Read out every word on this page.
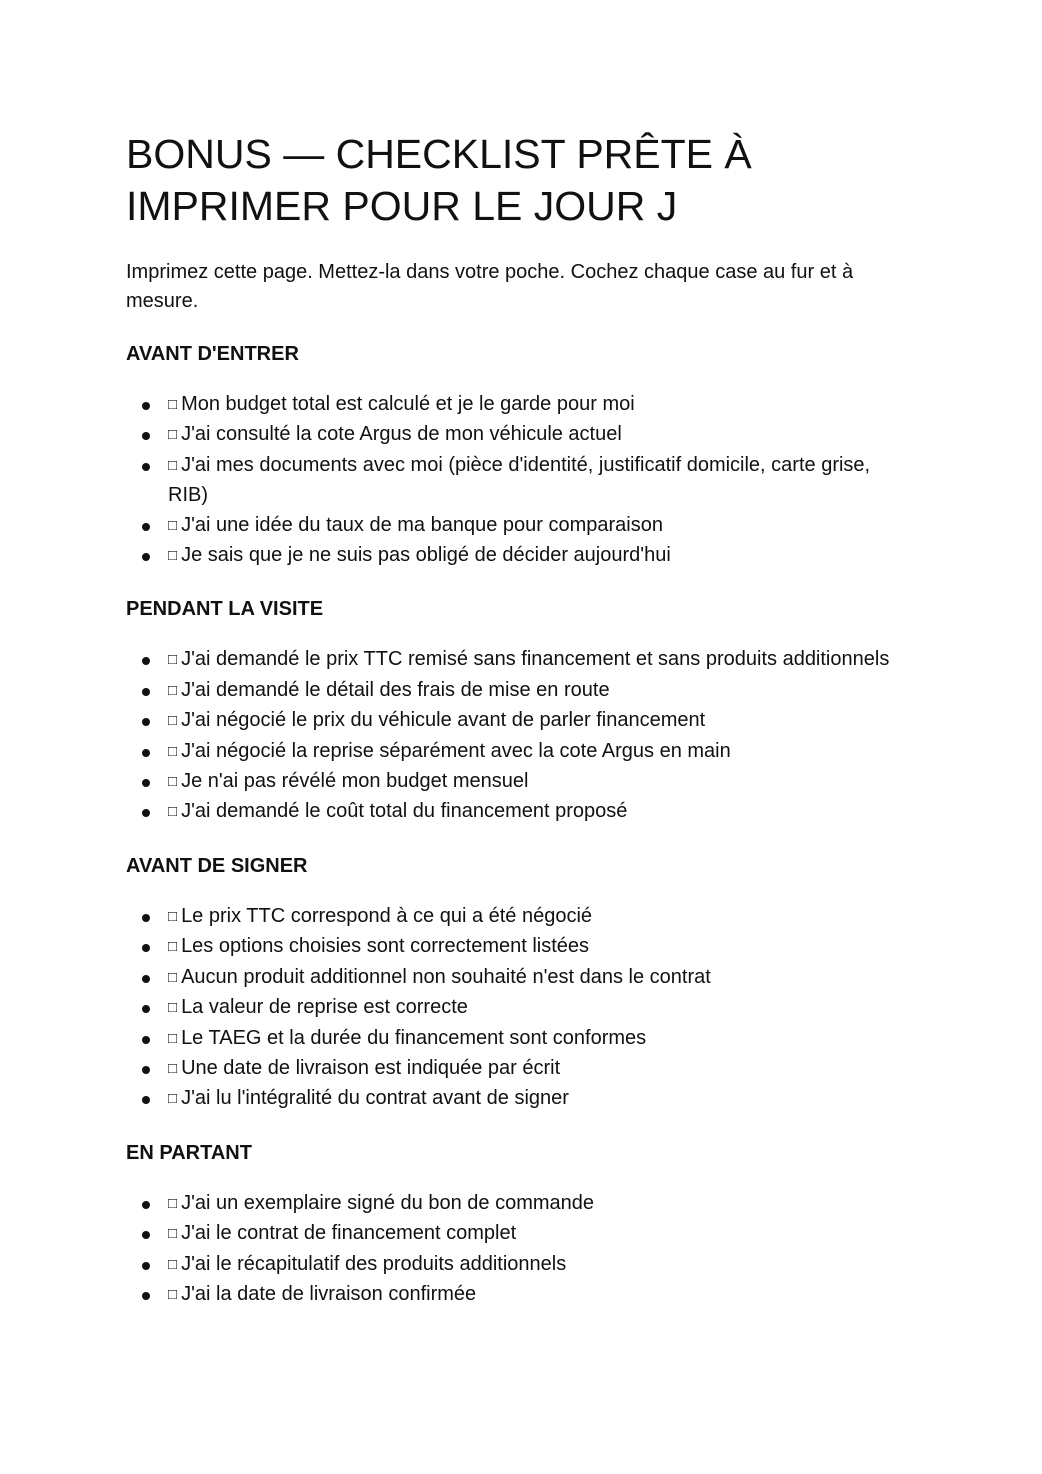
BONUS — CHECKLIST PRÊTE À IMPRIMER POUR LE JOUR J

Imprimez cette page. Mettez-la dans votre poche. Cochez chaque case au fur et à mesure.

AVANT D'ENTRER
□ Mon budget total est calculé et je le garde pour moi
□ J'ai consulté la cote Argus de mon véhicule actuel
□ J'ai mes documents avec moi (pièce d'identité, justificatif domicile, carte grise, RIB)
□ J'ai une idée du taux de ma banque pour comparaison
□ Je sais que je ne suis pas obligé de décider aujourd'hui
PENDANT LA VISITE
□ J'ai demandé le prix TTC remisé sans financement et sans produits additionnels
□ J'ai demandé le détail des frais de mise en route
□ J'ai négocié le prix du véhicule avant de parler financement
□ J'ai négocié la reprise séparément avec la cote Argus en main
□ Je n'ai pas révélé mon budget mensuel
□ J'ai demandé le coût total du financement proposé
AVANT DE SIGNER
□ Le prix TTC correspond à ce qui a été négocié
□ Les options choisies sont correctement listées
□ Aucun produit additionnel non souhaité n'est dans le contrat
□ La valeur de reprise est correcte
□ Le TAEG et la durée du financement sont conformes
□ Une date de livraison est indiquée par écrit
□ J'ai lu l'intégralité du contrat avant de signer
EN PARTANT
□ J'ai un exemplaire signé du bon de commande
□ J'ai le contrat de financement complet
□ J'ai le récapitulatif des produits additionnels
□ J'ai la date de livraison confirmée
